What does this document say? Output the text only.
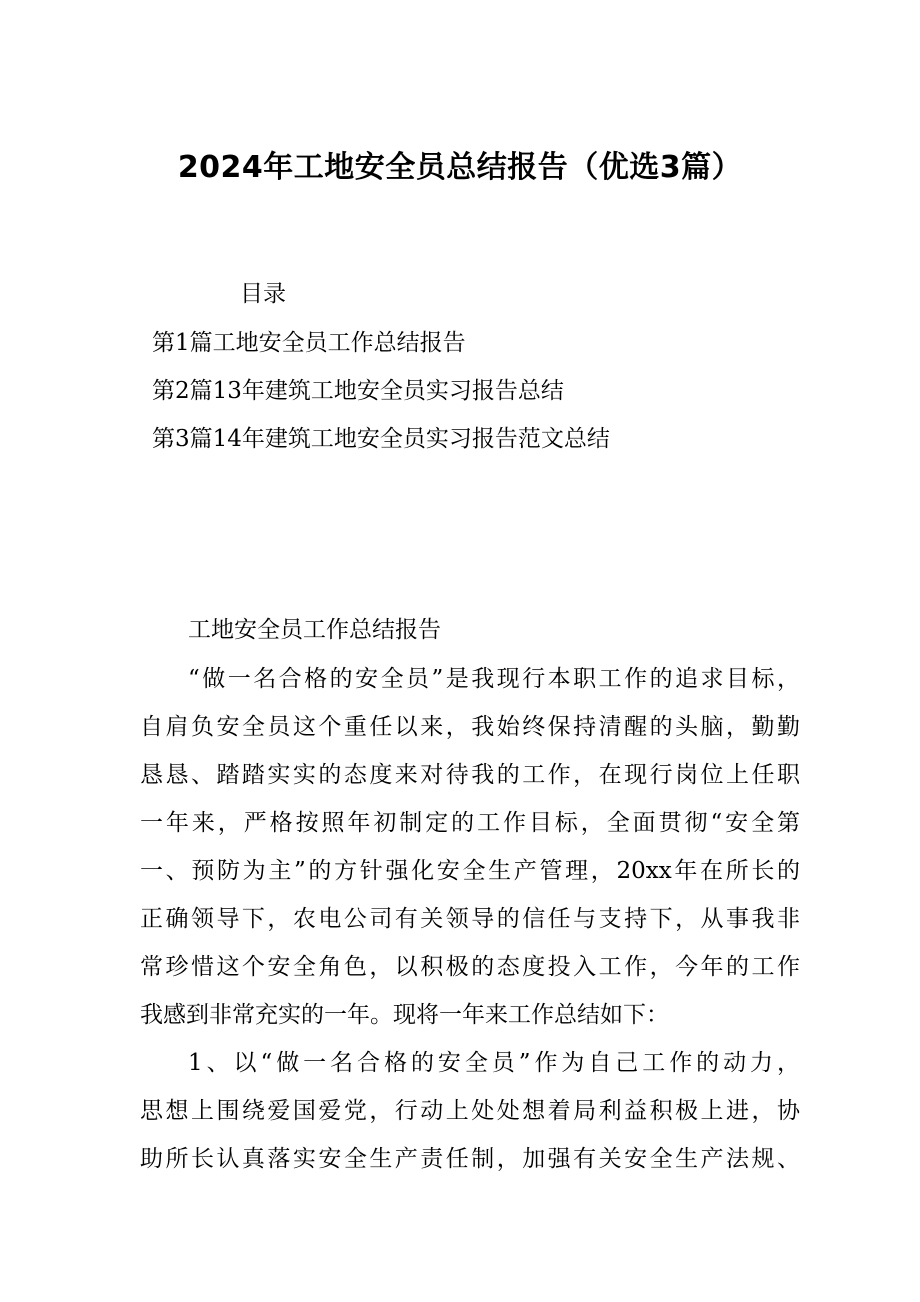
2024年工地安全员总结报告（优选3篇）
目录
第1篇工地安全员工作总结报告
第2篇13年建筑工地安全员实习报告总结
第3篇14年建筑工地安全员实习报告范文总结
工地安全员工作总结报告
“做一名合格的安全员”是我现行本职工作的追求目标，
自肩负安全员这个重任以来，我始终保持清醒的头脑，勤勤
恳恳、踏踏实实的态度来对待我的工作，在现行岗位上任职
一年来，严格按照年初制定的工作目标，全面贯彻“安全第
一、预防为主”的方针强化安全生产管理，20xx年在所长的
正确领导下，农电公司有关领导的信任与支持下，从事我非
常珍惜这个安全角色，以积极的态度投入工作，今年的工作
我感到非常充实的一年。现将一年来工作总结如下：
1、以“做一名合格的安全员”作为自己工作的动力，
思想上围绕爱国爱党，行动上处处想着局利益积极上进，协
助所长认真落实安全生产责任制，加强有关安全生产法规、
